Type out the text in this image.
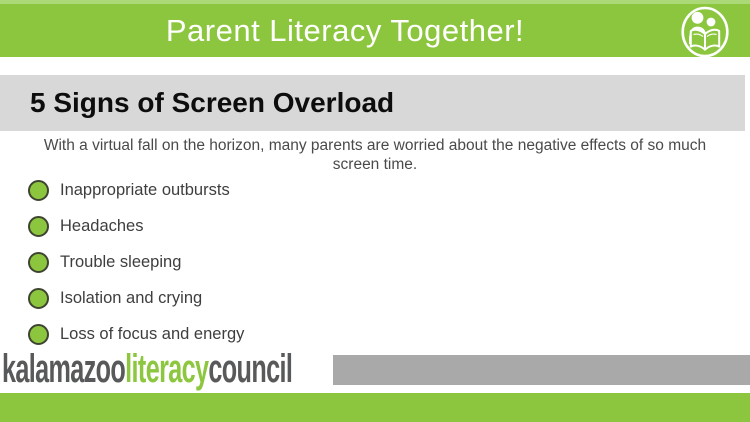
Parent Literacy Together!
5 Signs of Screen Overload
With a virtual fall on the horizon, many parents are worried about the negative effects of so much screen time.
Inappropriate outbursts
Headaches
Trouble sleeping
Isolation and crying
Loss of focus and energy
kalamazooliteracycouncil
